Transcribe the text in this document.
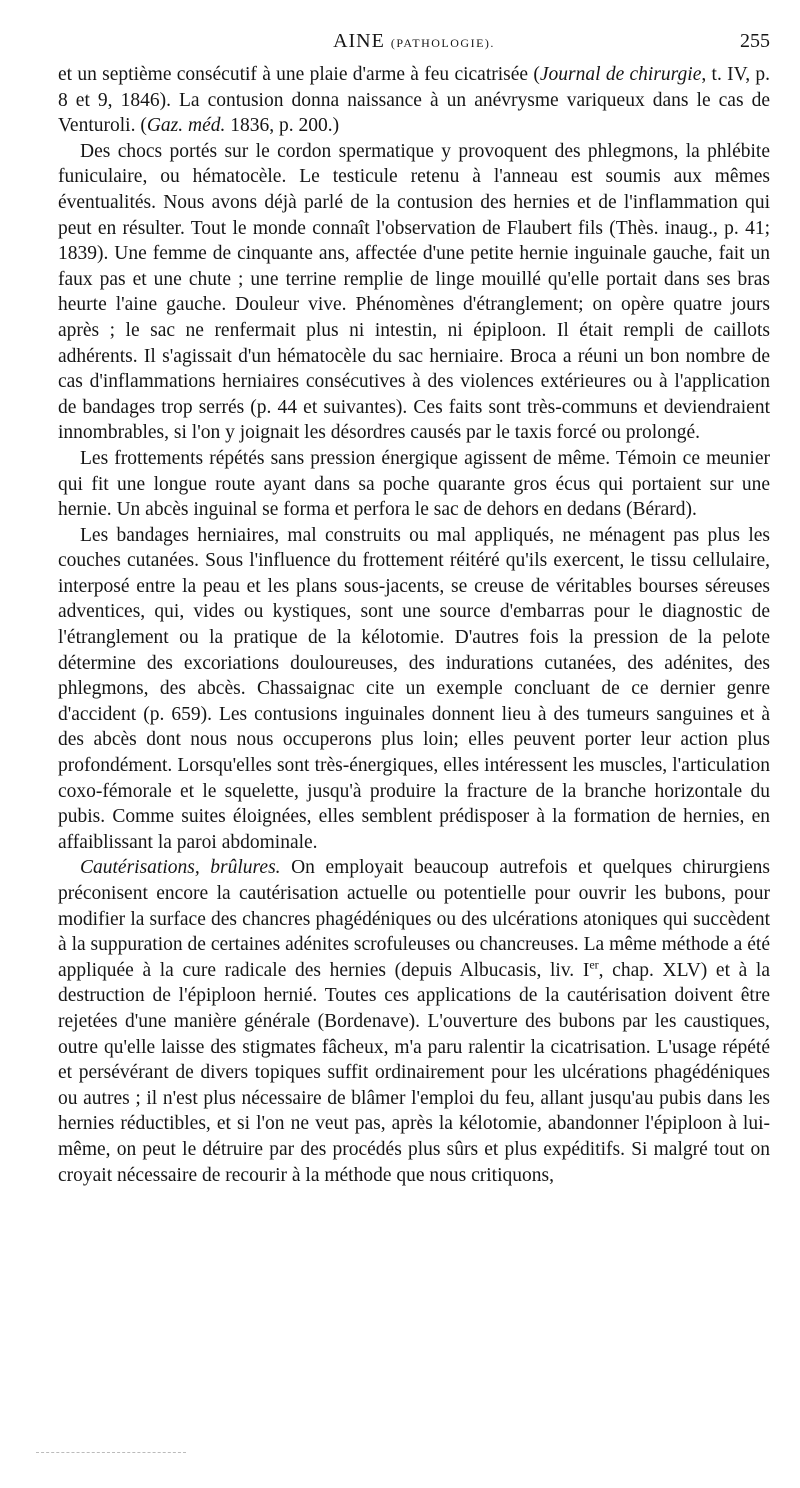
AINE (PATHOLOGIE).	255

et un septième consécutif à une plaie d'arme à feu cicatrisée (Journal de chirurgie, t. IV, p. 8 et 9, 1846). La contusion donna naissance à un anévrysme variqueux dans le cas de Venturoli. (Gaz. méd. 1836, p. 200.)

Des chocs portés sur le cordon spermatique y provoquent des phlegmons, la phlébite funiculaire, ou hématocèle. Le testicule retenu à l'anneau est soumis aux mêmes éventualités. Nous avons déjà parlé de la contusion des hernies et de l'inflammation qui peut en résulter. Tout le monde connaît l'observation de Flaubert fils (Thès. inaug., p. 41; 1839). Une femme de cinquante ans, affectée d'une petite hernie inguinale gauche, fait un faux pas et une chute ; une terrine remplie de linge mouillé qu'elle portait dans ses bras heurte l'aine gauche. Douleur vive. Phénomènes d'étranglement; on opère quatre jours après ; le sac ne renfermait plus ni intestin, ni épiploon. Il était rempli de caillots adhérents. Il s'agissait d'un hématocèle du sac herniaire. Broca a réuni un bon nombre de cas d'inflammations herniaires consécutives à des violences extérieures ou à l'application de bandages trop serrés (p. 44 et suivantes). Ces faits sont très-communs et deviendraient innombrables, si l'on y joignait les désordres causés par le taxis forcé ou prolongé.

Les frottements répétés sans pression énergique agissent de même. Témoin ce meunier qui fit une longue route ayant dans sa poche quarante gros écus qui portaient sur une hernie. Un abcès inguinal se forma et perfora le sac de dehors en dedans (Bérard).

Les bandages herniaires, mal construits ou mal appliqués, ne ménagent pas plus les couches cutanées. Sous l'influence du frottement réitéré qu'ils exercent, le tissu cellulaire, interposé entre la peau et les plans sous-jacents, se creuse de véritables bourses séreuses adventices, qui, vides ou kystiques, sont une source d'embarras pour le diagnostic de l'étranglement ou la pratique de la kélotomie. D'autres fois la pression de la pelote détermine des excoriations douloureuses, des indurations cutanées, des adénites, des phlegmons, des abcès. Chassaignac cite un exemple concluant de ce dernier genre d'accident (p. 659). Les contusions inguinales donnent lieu à des tumeurs sanguines et à des abcès dont nous nous occuperons plus loin; elles peuvent porter leur action plus profondément. Lorsqu'elles sont très-énergiques, elles intéressent les muscles, l'articulation coxo-fémorale et le squelette, jusqu'à produire la fracture de la branche horizontale du pubis. Comme suites éloignées, elles semblent prédisposer à la formation de hernies, en affaiblissant la paroi abdominale.

Cautérisations, brûlures. On employait beaucoup autrefois et quelques chirurgiens préconisent encore la cautérisation actuelle ou potentielle pour ouvrir les bubons, pour modifier la surface des chancres phagédéniques ou des ulcérations atoniques qui succèdent à la suppuration de certaines adénites scrofuleuses ou chancreuses. La même méthode a été appliquée à la cure radicale des hernies (depuis Albucasis, liv. Ier, chap. XLV) et à la destruction de l'épiploon hernié. Toutes ces applications de la cautérisation doivent être rejetées d'une manière générale (Bordenave). L'ouverture des bubons par les caustiques, outre qu'elle laisse des stigmates fâcheux, m'a paru ralentir la cicatrisation. L'usage répété et persévérant de divers topiques suffit ordinairement pour les ulcérations phagédéniques ou autres ; il n'est plus nécessaire de blâmer l'emploi du feu, allant jusqu'au pubis dans les hernies réductibles, et si l'on ne veut pas, après la kélotomie, abandonner l'épiploon à lui-même, on peut le détruire par des procédés plus sûrs et plus expéditifs. Si malgré tout on croyait nécessaire de recourir à la méthode que nous critiquons,
